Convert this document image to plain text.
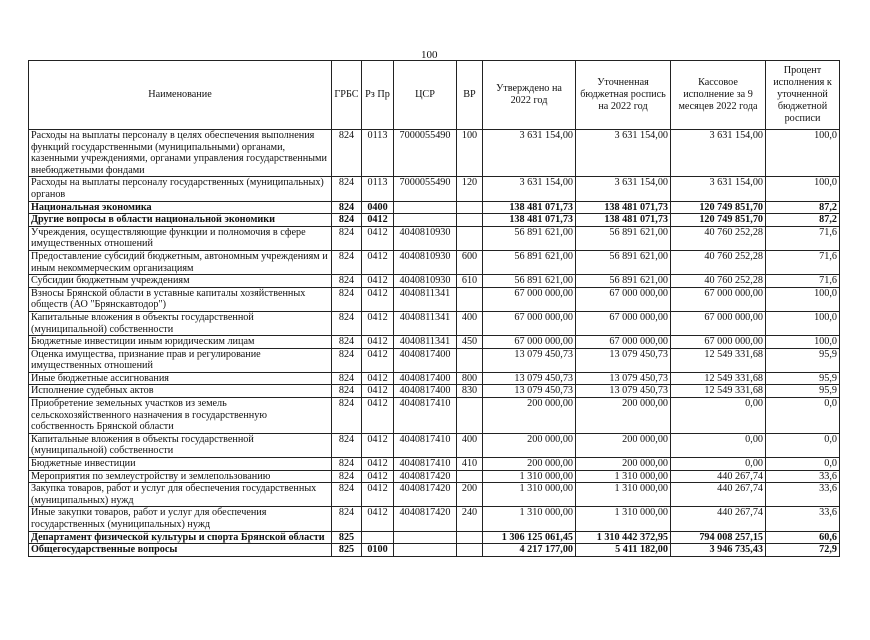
100
Наименование	ГРБС	Рз Пр	ЦСР	ВР	Утверждено на 2022 год	Уточненная бюджетная роспись на 2022 год	Кассовое исполнение за 9 месяцев 2022 года	Процент исполнения к уточненной бюджетной росписи
Расходы на выплаты персоналу в целях обеспечения выполнения функций государственными (муниципальными) органами, казенными учреждениями, органами управления государственными внебюджетными фондами	824	0113	7000055490	100	3 631 154,00	3 631 154,00	3 631 154,00	100,0
Расходы на выплаты персоналу государственных (муниципальных) органов	824	0113	7000055490	120	3 631 154,00	3 631 154,00	3 631 154,00	100,0
Национальная экономика	824	0400			138 481 071,73	138 481 071,73	120 749 851,70	87,2
Другие вопросы в области национальной экономики	824	0412			138 481 071,73	138 481 071,73	120 749 851,70	87,2
Учреждения, осуществляющие функции и полномочия в сфере имущественных отношений	824	0412	4040810930		56 891 621,00	56 891 621,00	40 760 252,28	71,6
Предоставление субсидий бюджетным, автономным учреждениям и иным некоммерческим организациям	824	0412	4040810930	600	56 891 621,00	56 891 621,00	40 760 252,28	71,6
Субсидии бюджетным учреждениям	824	0412	4040810930	610	56 891 621,00	56 891 621,00	40 760 252,28	71,6
Взносы Брянской области в уставные капиталы хозяйственных обществ (АО "Брянскавтодор")	824	0412	4040811341		67 000 000,00	67 000 000,00	67 000 000,00	100,0
Капитальные вложения в объекты государственной (муниципальной) собственности	824	0412	4040811341	400	67 000 000,00	67 000 000,00	67 000 000,00	100,0
Бюджетные инвестиции иным юридическим лицам	824	0412	4040811341	450	67 000 000,00	67 000 000,00	67 000 000,00	100,0
Оценка имущества, признание прав и регулирование имущественных отношений	824	0412	4040817400		13 079 450,73	13 079 450,73	12 549 331,68	95,9
Иные бюджетные ассигнования	824	0412	4040817400	800	13 079 450,73	13 079 450,73	12 549 331,68	95,9
Исполнение судебных актов	824	0412	4040817400	830	13 079 450,73	13 079 450,73	12 549 331,68	95,9
Приобретение земельных участков из земель сельскохозяйственного назначения в государственную собственность Брянской области	824	0412	4040817410		200 000,00	200 000,00	0,00	0,0
Капитальные вложения в объекты государственной (муниципальной) собственности	824	0412	4040817410	400	200 000,00	200 000,00	0,00	0,0
Бюджетные инвестиции	824	0412	4040817410	410	200 000,00	200 000,00	0,00	0,0
Мероприятия по землеустройству и землепользованию	824	0412	4040817420		1 310 000,00	1 310 000,00	440 267,74	33,6
Закупка товаров, работ и услуг для обеспечения государственных (муниципальных) нужд	824	0412	4040817420	200	1 310 000,00	1 310 000,00	440 267,74	33,6
Иные закупки товаров, работ и услуг для обеспечения государственных (муниципальных) нужд	824	0412	4040817420	240	1 310 000,00	1 310 000,00	440 267,74	33,6
Департамент физической культуры и спорта Брянской области	825				1 306 125 061,45	1 310 442 372,95	794 008 257,15	60,6
Общегосударственные вопросы	825	0100			4 217 177,00	5 411 182,00	3 946 735,43	72,9
